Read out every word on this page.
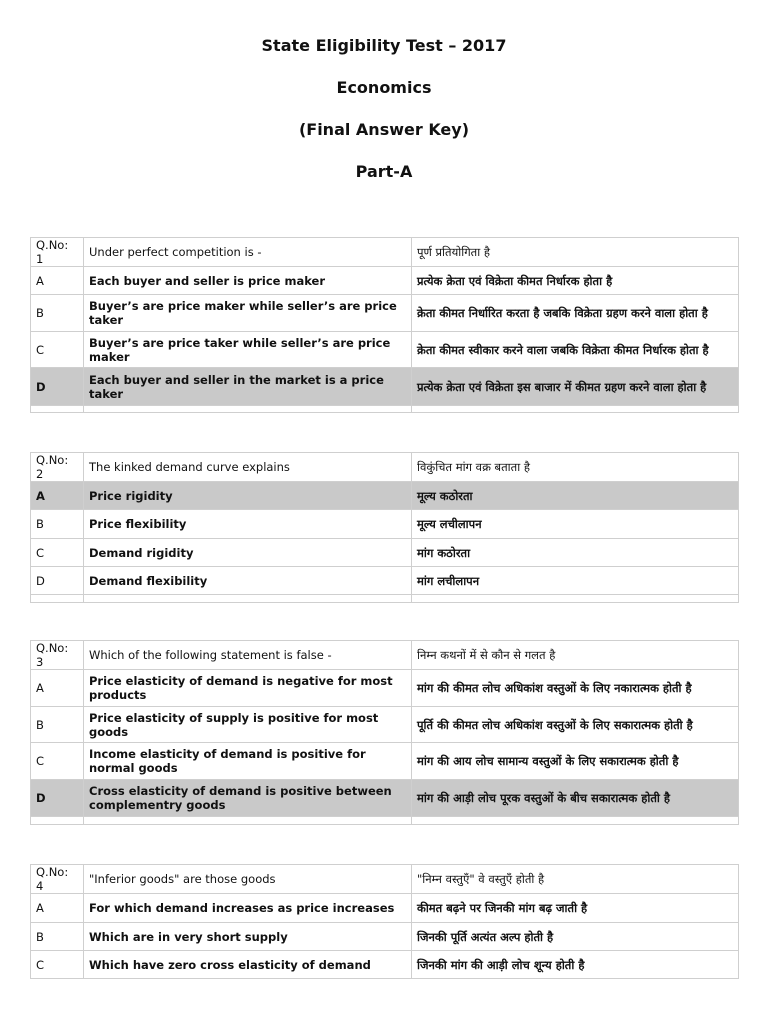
State Eligibility Test – 2017
Economics
(Final Answer Key)
Part-A
Q.No: 1	Under perfect competition is -	पूर्ण प्रतियोगिता है
A	Each buyer and seller is price maker	प्रत्येक क्रेता एवं विक्रेता कीमत निर्धारक होता है
B	Buyer’s are price maker while seller’s are price taker	क्रेता कीमत निर्धारित करता है जबकि विक्रेता ग्रहण करने वाला होता है
C	Buyer’s are price taker while seller’s are price maker	क्रेता कीमत स्वीकार करने वाला जबकि विक्रेता कीमत निर्धारक होता है
D	Each buyer and seller in the market is a price taker	प्रत्येक क्रेता एवं विक्रेता इस बाजार में कीमत ग्रहण करने वाला होता है

Q.No: 2	The kinked demand curve explains	विकुंचित मांग वक्र बताता है
A	Price rigidity	मूल्य कठोरता
B	Price flexibility	मूल्य लचीलापन
C	Demand rigidity	मांग कठोरता
D	Demand flexibility	मांग लचीलापन

Q.No: 3	Which of the following statement is false -	निम्न कथनों में से कौन से गलत है
A	Price elasticity of demand is negative for most products	मांग की कीमत लोच अधिकांश वस्तुओं के लिए नकारात्मक होती है
B	Price elasticity of supply is positive for most goods	पूर्ति की कीमत लोच अधिकांश वस्तुओं के लिए सकारात्मक होती है
C	Income elasticity of demand is positive for normal goods	मांग की आय लोच सामान्य वस्तुओं के लिए सकारात्मक होती है
D	Cross elasticity of demand is positive between complementry goods	मांग की आड़ी लोच पूरक वस्तुओं के बीच सकारात्मक होती है

Q.No: 4	"Inferior goods" are those goods	"निम्न वस्तुएँ" वे वस्तुएँ होती है
A	For which demand increases as price increases	कीमत बढ़ने पर जिनकी मांग बढ़ जाती है
B	Which are in very short supply	जिनकी पूर्ति अत्यंत अल्प होती है
C	Which have zero cross elasticity of demand	जिनकी मांग की आड़ी लोच शून्य होती है
